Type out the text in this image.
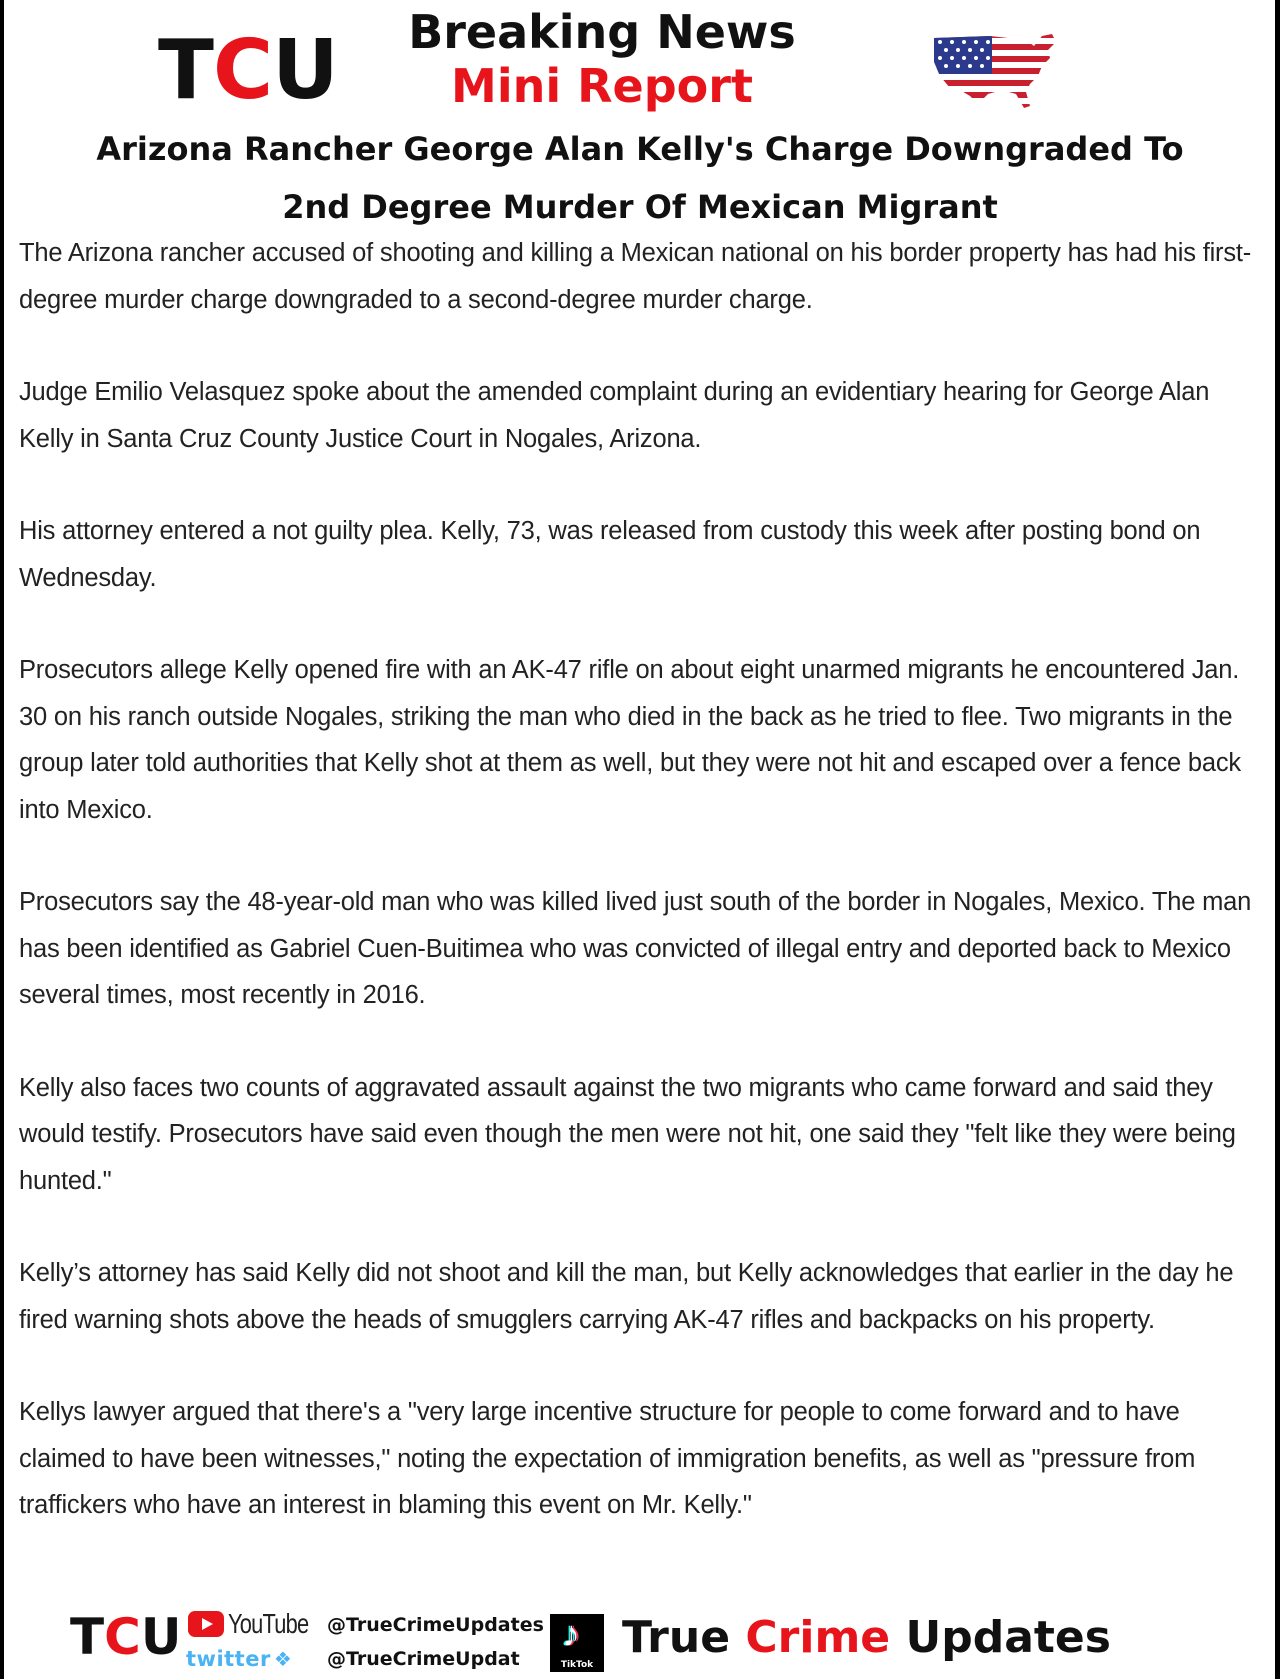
TCU	Breaking News
Mini Report
Arizona Rancher George Alan Kelly's Charge Downgraded To
2nd Degree Murder Of Mexican Migrant

The Arizona rancher accused of shooting and killing a Mexican national on his border property has had his first-degree murder charge downgraded to a second-degree murder charge.

Judge Emilio Velasquez spoke about the amended complaint during an evidentiary hearing for George Alan Kelly in Santa Cruz County Justice Court in Nogales, Arizona.

His attorney entered a not guilty plea. Kelly, 73, was released from custody this week after posting bond on Wednesday.

Prosecutors allege Kelly opened fire with an AK-47 rifle on about eight unarmed migrants he encountered Jan. 30 on his ranch outside Nogales, striking the man who died in the back as he tried to flee. Two migrants in the group later told authorities that Kelly shot at them as well, but they were not hit and escaped over a fence back into Mexico.

Prosecutors say the 48-year-old man who was killed lived just south of the border in Nogales, Mexico. The man has been identified as Gabriel Cuen-Buitimea who was convicted of illegal entry and deported back to Mexico several times, most recently in 2016.

Kelly also faces two counts of aggravated assault against the two migrants who came forward and said they would testify. Prosecutors have said even though the men were not hit, one said they "felt like they were being hunted."

Kelly’s attorney has said Kelly did not shoot and kill the man, but Kelly acknowledges that earlier in the day he fired warning shots above the heads of smugglers carrying AK-47 rifles and backpacks on his property.

Kellys lawyer argued that there's a "very large incentive structure for people to come forward and to have claimed to have been witnesses," noting the expectation of immigration benefits, as well as "pressure from traffickers who have an interest in blaming this event on Mr. Kelly."

TCU YouTube
twitter ❖
@TrueCrimeUpdates
@TrueCrimeUpdat
♪
TikTok
True Crime Updates
